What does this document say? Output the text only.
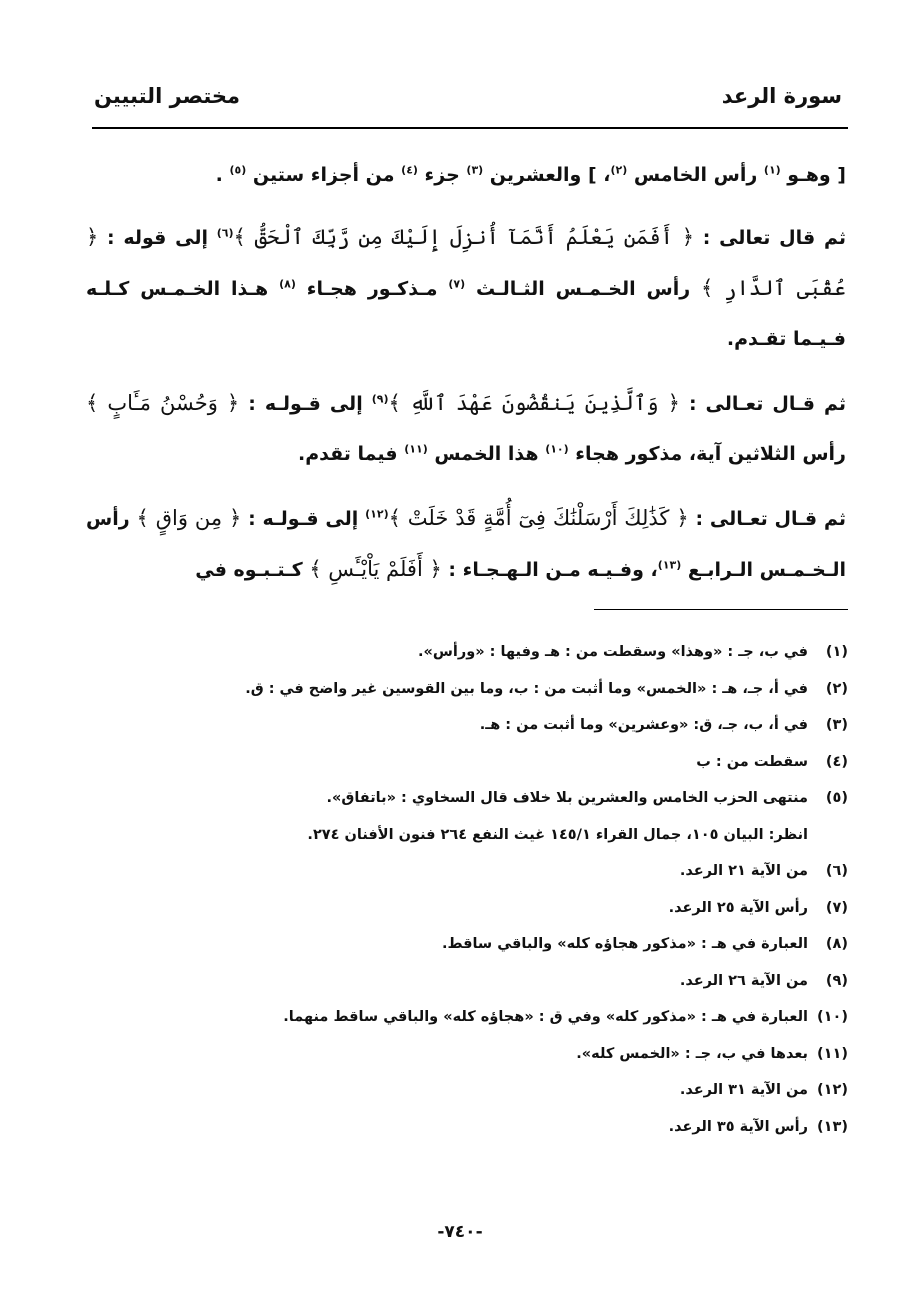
سورة الرعد
مختصر التبيين

[ وهـو $^{(١)}$ رأس الخامس $^{(٢)}$، ] والعشرين $^{(٣)}$ جزء $^{(٤)}$ من أجزاء ستين $^{(٥)}$ .

ثم قال تعالى : ﴿ أَفَمَن يَعْلَمُ أَنَّمَآ أُنزِلَ إِلَيْكَ مِن رَّبِّكَ ٱلْحَقُّ ﴾$^{(٦)}$ إلى قوله : ﴿ عُقْبَى ٱلدَّارِ ﴾ رأس الخـمـس الثـالـث $^{(٧)}$ مـذكـور هجـاء $^{(٨)}$ هـذا الخـمـس كـلـه فـيـما تقـدم.

ثم قـال تعـالى : ﴿ وَٱلَّذِينَ يَنقُضُونَ عَهْدَ ٱللَّهِ ﴾$^{(٩)}$ إلى قـولـه : ﴿ وَحُسْنُ مَـَٔابٍ ﴾ رأس الثلاثين آية، مذكور هجاء $^{(١٠)}$ هذا الخمس $^{(١١)}$ فيما تقدم.

ثم قـال تعـالى : ﴿ كَذَٰلِكَ أَرْسَلْنَٰكَ فِىٓ أُمَّةٍ قَدْ خَلَتْ ﴾$^{(١٢)}$ إلى قـولـه : ﴿ مِن وَاقٍ ﴾ رأس الـخـمـس الـرابـع $^{(١٣)}$، وفـيـه مـن الـهـجـاء : ﴿ أَفَلَمْ يَاْيْـَٔسِ ﴾ كـتـبـوه في

(١)
في ب، جـ : «وهذا» وسقطت من : هـ وفيها : «ورأس».
(٢)
في أ، جـ، هـ : «الخمس» وما أثبت من : ب، وما بين القوسين غير واضح في : ق.
(٣)
في أ، ب، جـ، ق: «وعشرين» وما أثبت من : هـ.
(٤)
سقطت من : ب
(٥)
منتهى الحزب الخامس والعشرين بلا خلاف قال السخاوي : «باتفاق».
انظر: البيان ١٠٥، جمال القراء ١٤٥/١ غيث النفع ٢٦٤ فنون الأفنان ٢٧٤.
(٦)
من الآية ٢١ الرعد.
(٧)
رأس الآية ٢٥ الرعد.
(٨)
العبارة في هـ : «مذكور هجاؤه كله» والباقي ساقط.
(٩)
من الآية ٢٦ الرعد.
(١٠)
العبارة في هـ : «مذكور كله» وفي ق : «هجاؤه كله» والباقي ساقط منهما.
(١١)
بعدها في ب، جـ : «الخمس كله».
(١٢)
من الآية ٣١ الرعد.
(١٣)
رأس الآية ٣٥ الرعد.
-٧٤٠-
